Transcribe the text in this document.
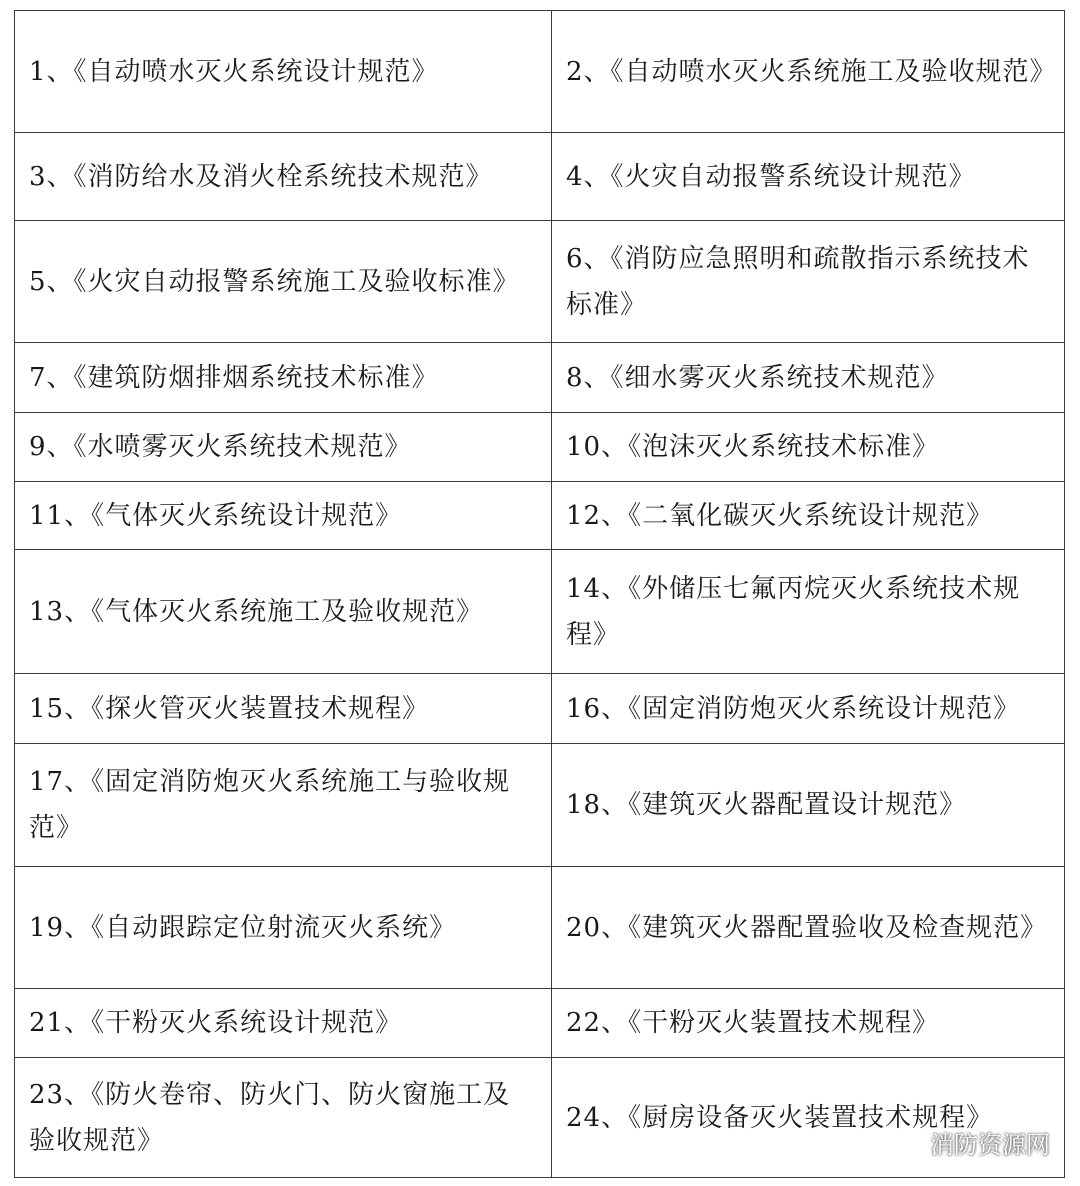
1、《自动喷水灭火系统设计规范》	2、《自动喷水灭火系统施工及验收规范》
3、《消防给水及消火栓系统技术规范》	4、《火灾自动报警系统设计规范》
5、《火灾自动报警系统施工及验收标准》	6、《消防应急照明和疏散指示系统技术标准》
7、《建筑防烟排烟系统技术标准》	8、《细水雾灭火系统技术规范》
9、《水喷雾灭火系统技术规范》	10、《泡沫灭火系统技术标准》
11、《气体灭火系统设计规范》	12、《二氧化碳灭火系统设计规范》
13、《气体灭火系统施工及验收规范》	14、《外储压七氟丙烷灭火系统技术规程》
15、《探火管灭火装置技术规程》	16、《固定消防炮灭火系统设计规范》
17、《固定消防炮灭火系统施工与验收规范》	18、《建筑灭火器配置设计规范》
19、《自动跟踪定位射流灭火系统》	20、《建筑灭火器配置验收及检查规范》
21、《干粉灭火系统设计规范》	22、《干粉灭火装置技术规程》
23、《防火卷帘、防火门、防火窗施工及验收规范》	24、《厨房设备灭火装置技术规程》
消防资源网
